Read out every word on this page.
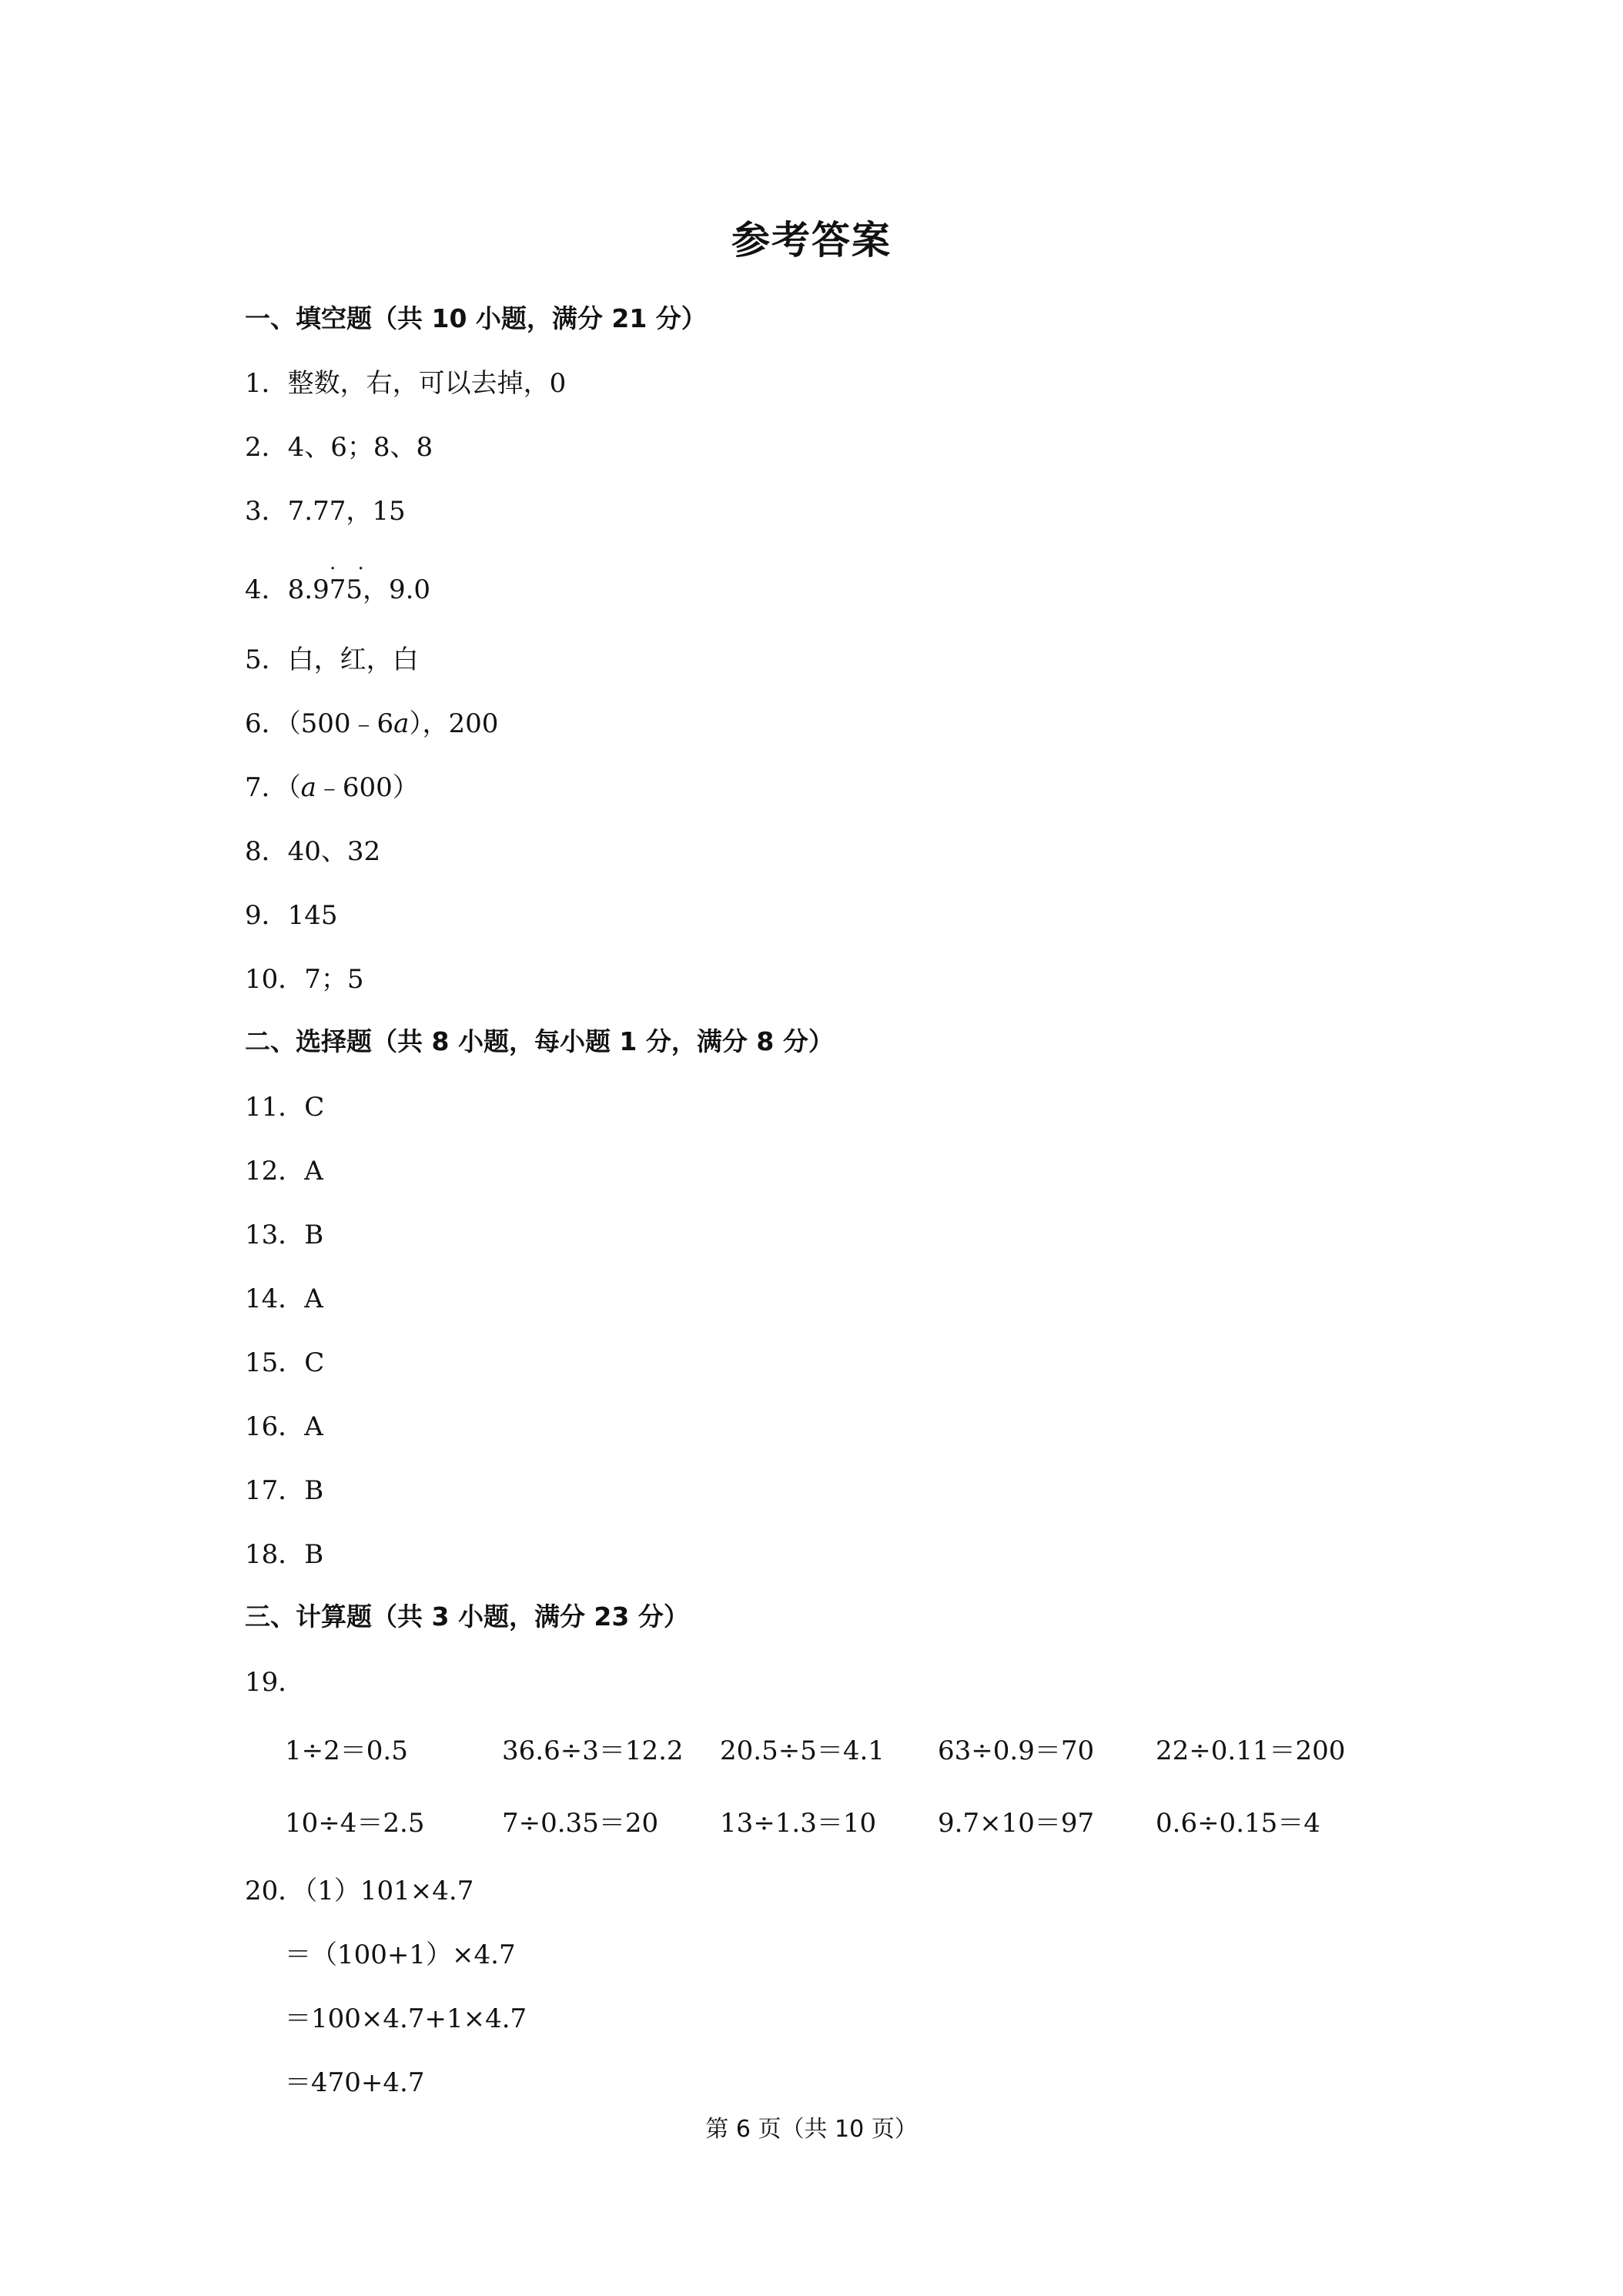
参考答案
一、填空题（共 10 小题，满分 21 分）
1．整数，右，可以去掉，0
2．4、6；8、8
3．7.77，15
. .
4．8.975，9.0
5．白，红，白
6．（500﹣6a），200
7．（a﹣600）
8．40、32
9．145
10．7；5
二、选择题（共 8 小题，每小题 1 分，满分 8 分）
11．C
12．A
13．B
14．A
15．C
16．A
17．B
18．B
三、计算题（共 3 小题，满分 23 分）
19．
1÷2＝0.5	36.6÷3＝12.2 20.5÷5＝4.1 63÷0.9＝70 22÷0.11＝200
10÷4＝2.5	7÷0.35＝20 13÷1.3＝10 9.7×10＝97 0.6÷0.15＝4
20．（1）101×4.7
＝（100+1）×4.7
＝100×4.7+1×4.7
＝470+4.7
第 6 页（共 10 页）
